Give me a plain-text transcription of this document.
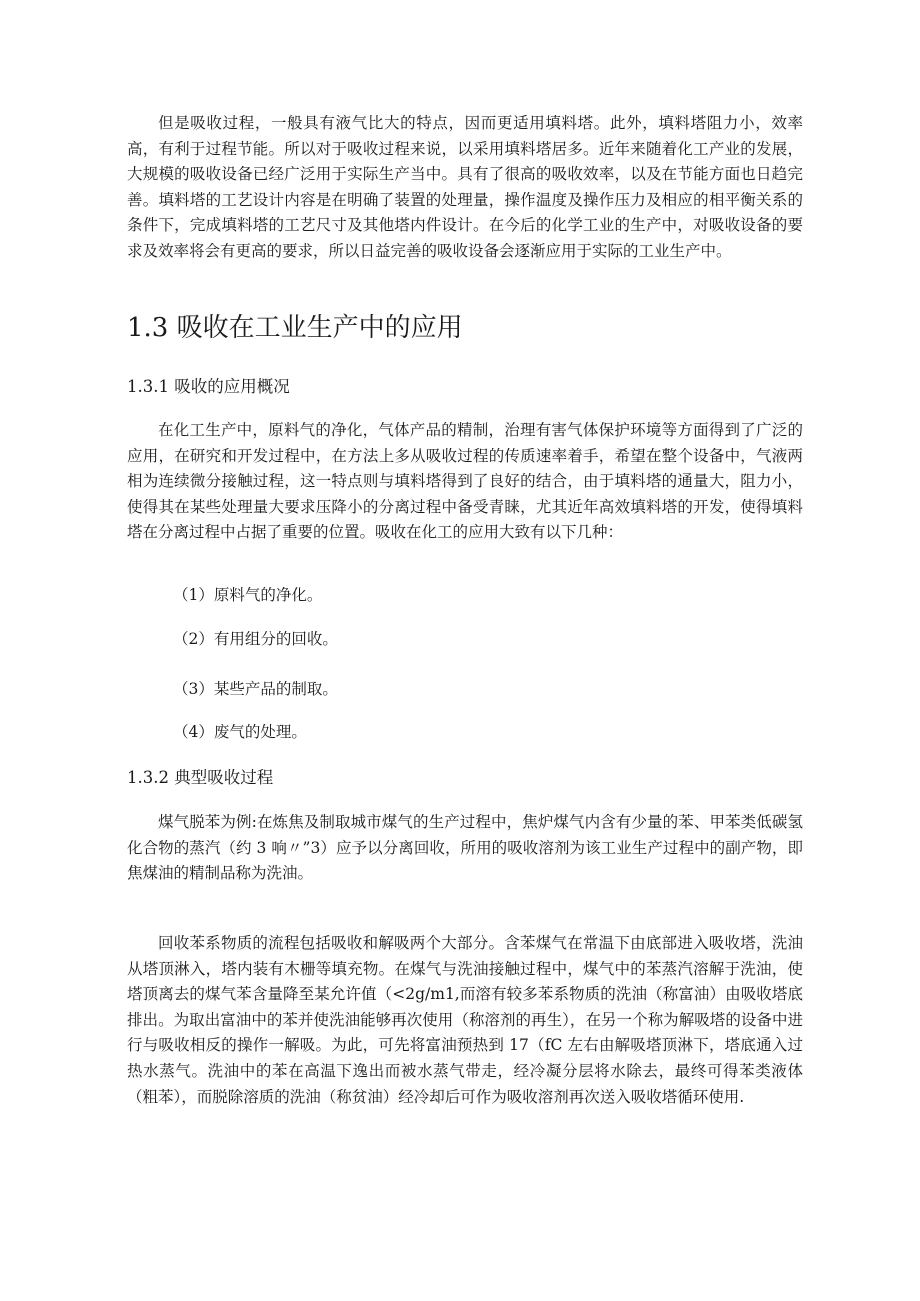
但是吸收过程，一般具有液气比大的特点，因而更适用填料塔。此外，填料塔阻力小，效率高，有利于过程节能。所以对于吸收过程来说，以采用填料塔居多。近年来随着化工产业的发展，大规模的吸收设备已经广泛用于实际生产当中。具有了很高的吸收效率，以及在节能方面也日趋完善。填料塔的工艺设计内容是在明确了装置的处理量，操作温度及操作压力及相应的相平衡关系的条件下，完成填料塔的工艺尺寸及其他塔内件设计。在今后的化学工业的生产中，对吸收设备的要求及效率将会有更高的要求，所以日益完善的吸收设备会逐渐应用于实际的工业生产中。

1.3 吸收在工业生产中的应用
1.3.1 吸收的应用概况

在化工生产中，原料气的净化，气体产品的精制，治理有害气体保护环境等方面得到了广泛的应用，在研究和开发过程中，在方法上多从吸收过程的传质速率着手，希望在整个设备中，气液两相为连续微分接触过程，这一特点则与填料塔得到了良好的结合，由于填料塔的通量大，阻力小，使得其在某些处理量大要求压降小的分离过程中备受青睐，尤其近年高效填料塔的开发，使得填料塔在分离过程中占据了重要的位置。吸收在化工的应用大致有以下几种：

（1）原料气的净化。
（2）有用组分的回收。
（3）某些产品的制取。
（4）废气的处理。
1.3.2 典型吸收过程

煤气脱苯为例:在炼焦及制取城市煤气的生产过程中，焦炉煤气内含有少量的苯、甲苯类低碳氢化合物的蒸汽（约 3 响〃”3）应予以分离回收，所用的吸收溶剂为该工业生产过程中的副产物，即焦煤油的精制品称为洗油。

回收苯系物质的流程包括吸收和解吸两个大部分。含苯煤气在常温下由底部进入吸收塔，洗油从塔顶淋入，塔内装有木栅等填充物。在煤气与洗油接触过程中，煤气中的苯蒸汽溶解于洗油，使塔顶离去的煤气苯含量降至某允许值（<2g/m1,而溶有较多苯系物质的洗油（称富油）由吸收塔底排出。为取出富油中的苯并使洗油能够再次使用（称溶剂的再生），在另一个称为解吸塔的设备中进行与吸收相反的操作一解吸。为此，可先将富油预热到 17（fC 左右由解吸塔顶淋下，塔底通入过热水蒸气。洗油中的苯在高温下逸出而被水蒸气带走，经冷凝分层将水除去，最终可得苯类液体（粗苯），而脱除溶质的洗油（称贫油）经冷却后可作为吸收溶剂再次送入吸收塔循环使用.
